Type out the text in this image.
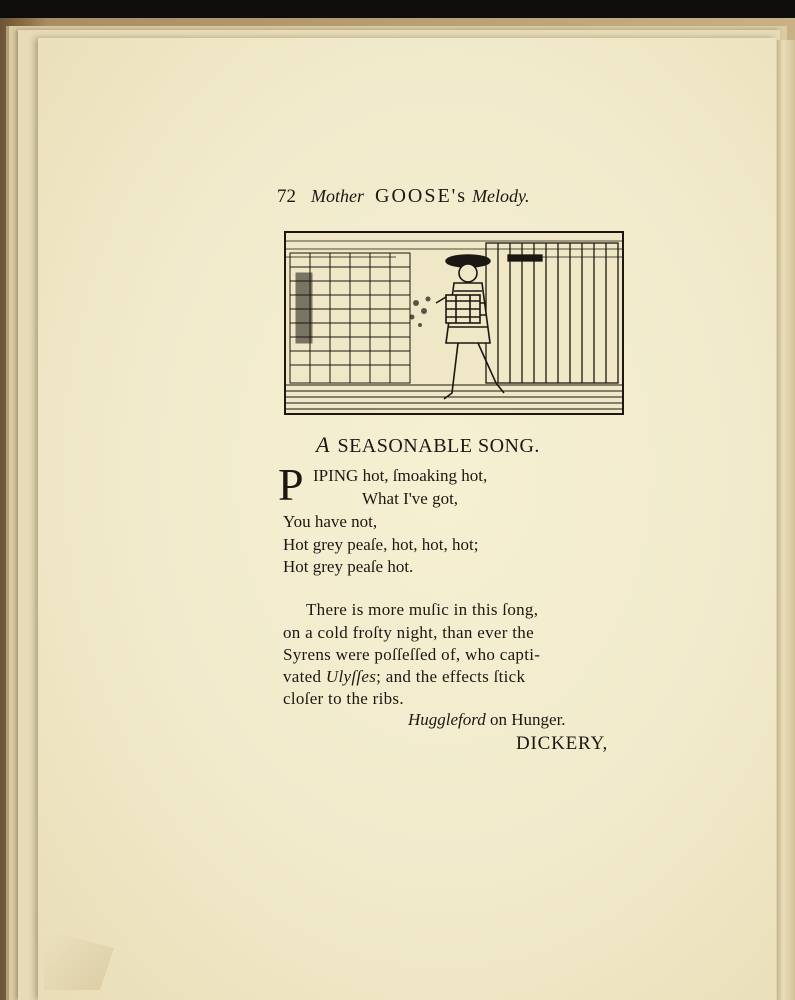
72 Mother GOOSE's Melody.
A SEASONABLE SONG.
P IPING hot, ſmoaking hot,
What I've got,
You have not,
Hot grey peaſe, hot, hot, hot;
Hot grey peaſe hot.
There is more muſic in this ſong,
on a cold froſty night, than ever the
Syrens were poſſeſſed of, who capti-
vated Ulyſſes; and the effects ſtick
cloſer to the ribs.
Huggleford on Hunger.
DICKERY,
